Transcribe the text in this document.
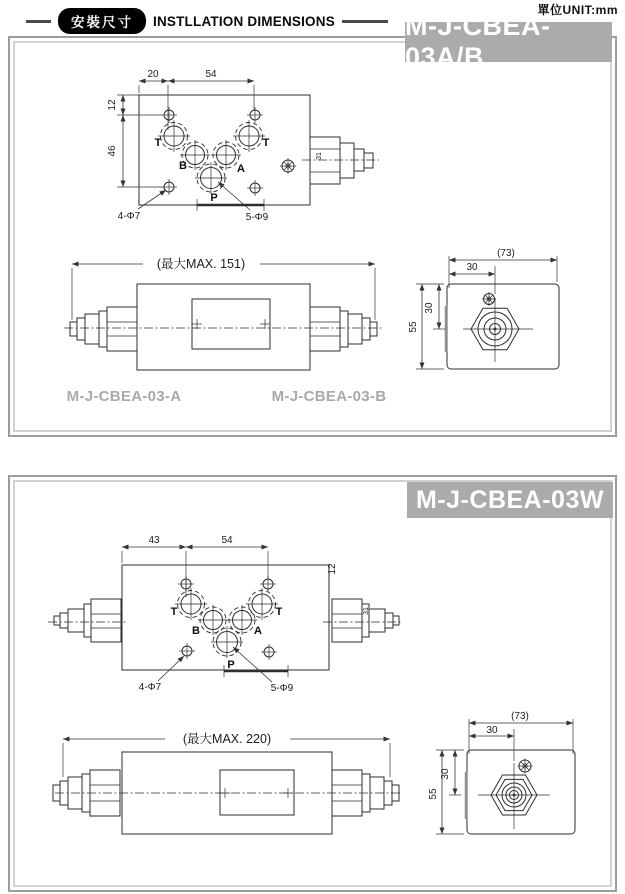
單位UNIT:mm
安裝尺寸	INSTLLATION DIMENSIONS	M-J-CBEA-03A/B
M-J-CBEA-03W
31
T
B	A
T
P
20	54
12
46
4-Φ7	5-Φ9
(最大MAX. 151)
M-J-CBEA-03-A	M-J-CBEA-03-B
(73)
30
55
30
31
T
B	A
T
P
43	54
12
4-Φ7	5-Φ9
(最大MAX. 220)
(73)
30
55
30
